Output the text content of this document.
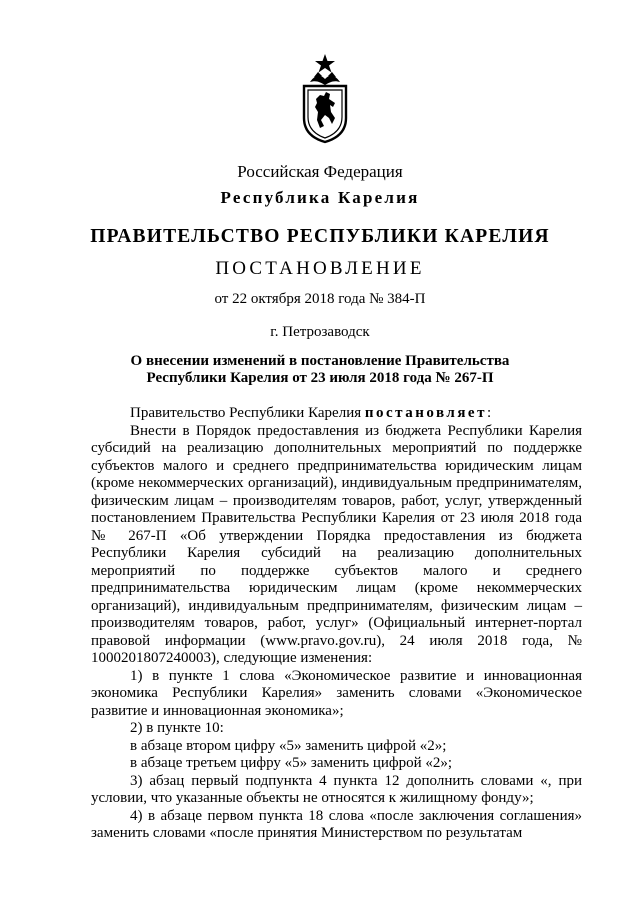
Российская Федерация
Республика Карелия
ПРАВИТЕЛЬСТВО РЕСПУБЛИКИ КАРЕЛИЯ
ПОСТАНОВЛЕНИЕ
от 22 октября 2018 года № 384-П
г. Петрозаводск
О внесении изменений в постановление Правительства
Республики Карелия от 23 июля 2018 года № 267-П

Правительство Республики Карелия постановляет:

Внести в Порядок предоставления из бюджета Республики Карелия субсидий на реализацию дополнительных мероприятий по поддержке субъектов малого и среднего предпринимательства юридическим лицам (кроме некоммерческих организаций), индивидуальным предпринимателям, физическим лицам – производителям товаров, работ, услуг, утвержденный постановлением Правительства Республики Карелия от 23 июля 2018 года № 267-П «Об утверждении Порядка предоставления из бюджета Республики Карелия субсидий на реализацию дополнительных мероприятий по поддержке субъектов малого и среднего предпринимательства юридическим лицам (кроме некоммерческих организаций), индивидуальным предпринимателям, физическим лицам – производителям товаров, работ, услуг» (Официальный интернет-портал правовой информации (www.pravo.gov.ru), 24 июля 2018 года, № 1000201807240003), следующие изменения:

1) в пункте 1 слова «Экономическое развитие и инновационная экономика Республики Карелия» заменить словами «Экономическое развитие и инновационная экономика»;

2) в пункте 10:

в абзаце втором цифру «5» заменить цифрой «2»;

в абзаце третьем цифру «5» заменить цифрой «2»;

3) абзац первый подпункта 4 пункта 12 дополнить словами «, при условии, что указанные объекты не относятся к жилищному фонду»;

4) в абзаце первом пункта 18 слова «после заключения соглашения» заменить словами «после принятия Министерством по результатам
